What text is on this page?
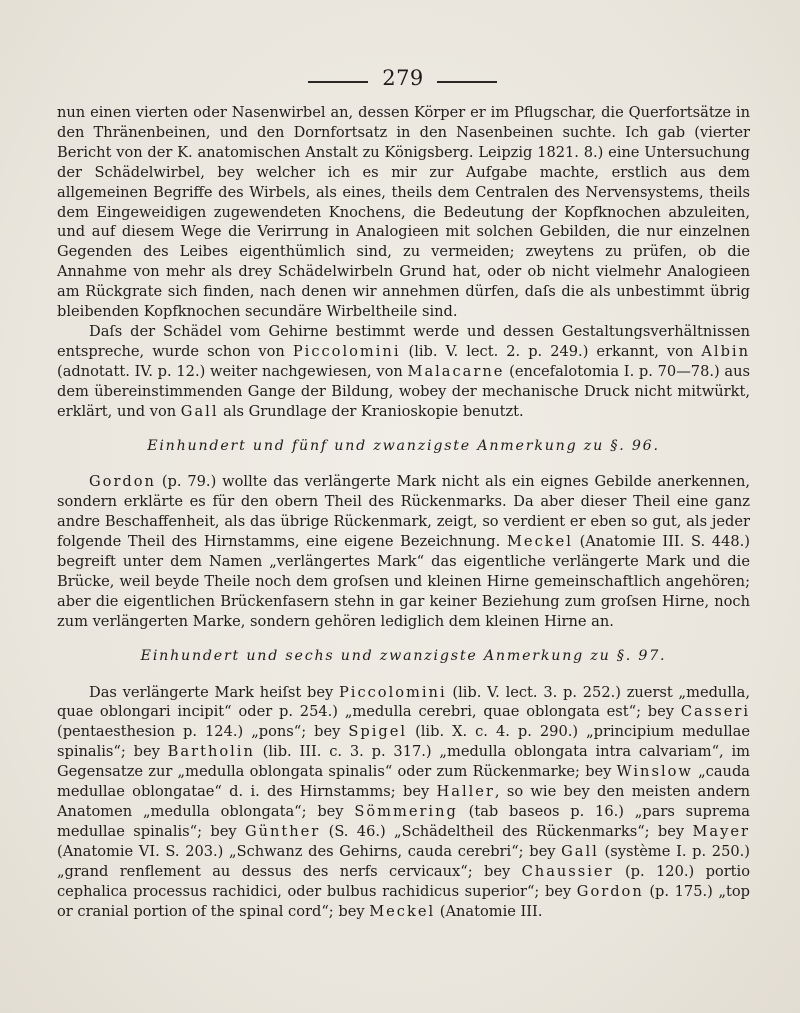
279

nun einen vierten oder Nasenwirbel an, dessen Körper er im Pflugschar, die Querfortsätze in den Thränenbeinen, und den Dornfortsatz in den Nasenbeinen suchte. Ich gab (vierter Bericht von der K. anatomischen Anstalt zu Königsberg. Leipzig 1821. 8.) eine Untersuchung der Schädelwirbel, bey welcher ich es mir zur Aufgabe machte, erstlich aus dem allgemeinen Begriffe des Wirbels, als eines, theils dem Centralen des Nervensystems, theils dem Eingeweidigen zugewendeten Knochens, die Bedeutung der Kopfknochen abzuleiten, und auf diesem Wege die Verirrung in Analogieen mit solchen Gebilden, die nur einzelnen Gegenden des Leibes eigenthümlich sind, zu vermeiden; zweytens zu prüfen, ob die Annahme von mehr als drey Schädelwirbeln Grund hat, oder ob nicht vielmehr Analogieen am Rückgrate sich finden, nach denen wir annehmen dürfen, daſs die als unbestimmt übrig bleibenden Kopfknochen secundäre Wirbeltheile sind.

Daſs der Schädel vom Gehirne bestimmt werde und dessen Gestaltungsverhältnissen entspreche, wurde schon von Piccolomini (lib. V. lect. 2. p. 249.) erkannt, von Albin (adnotatt. IV. p. 12.) weiter nachgewiesen, von Malacarne (encefalotomia I. p. 70—78.) aus dem übereinstimmenden Gange der Bildung, wobey der mechanische Druck nicht mitwürkt, erklärt, und von Gall als Grundlage der Kranioskopie benutzt.

Einhundert und fünf und zwanzigste Anmerkung zu §. 96.

Gordon (p. 79.) wollte das verlängerte Mark nicht als ein eignes Gebilde anerkennen, sondern erklärte es für den obern Theil des Rückenmarks. Da aber dieser Theil eine ganz andre Beschaffenheit, als das übrige Rückenmark, zeigt, so verdient er eben so gut, als jeder folgende Theil des Hirnstamms, eine eigene Bezeichnung. Meckel (Anatomie III. S. 448.) begreift unter dem Namen „verlängertes Mark“ das eigentliche verlängerte Mark und die Brücke, weil beyde Theile noch dem groſsen und kleinen Hirne gemeinschaftlich angehören; aber die eigentlichen Brückenfasern stehn in gar keiner Beziehung zum groſsen Hirne, noch zum verlängerten Marke, sondern gehören lediglich dem kleinen Hirne an.

Einhundert und sechs und zwanzigste Anmerkung zu §. 97.

Das verlängerte Mark heiſst bey Piccolomini (lib. V. lect. 3. p. 252.) zuerst „medulla, quae oblongari incipit“ oder p. 254.) „medulla cerebri, quae oblongata est“; bey Casseri (pentaesthesion p. 124.) „pons“; bey Spigel (lib. X. c. 4. p. 290.) „principium medullae spinalis“; bey Bartholin (lib. III. c. 3. p. 317.) „medulla oblongata intra calvariam“, im Gegensatze zur „medulla oblongata spinalis“ oder zum Rückenmarke; bey Winslow „cauda medullae oblongatae“ d. i. des Hirnstamms; bey Haller, so wie bey den meisten andern Anatomen „medulla oblongata“; bey Sömmering (tab baseos p. 16.) „pars suprema medullae spinalis“; bey Günther (S. 46.) „Schädeltheil des Rückenmarks“; bey Mayer (Anatomie VI. S. 203.) „Schwanz des Gehirns, cauda cerebri“; bey Gall (système I. p. 250.) „grand renflement au dessus des nerfs cervicaux“; bey Chaussier (p. 120.) portio cephalica processus rachidici, oder bulbus rachidicus superior“; bey Gordon (p. 175.) „top or cranial portion of the spinal cord“; bey Meckel (Anatomie III.
